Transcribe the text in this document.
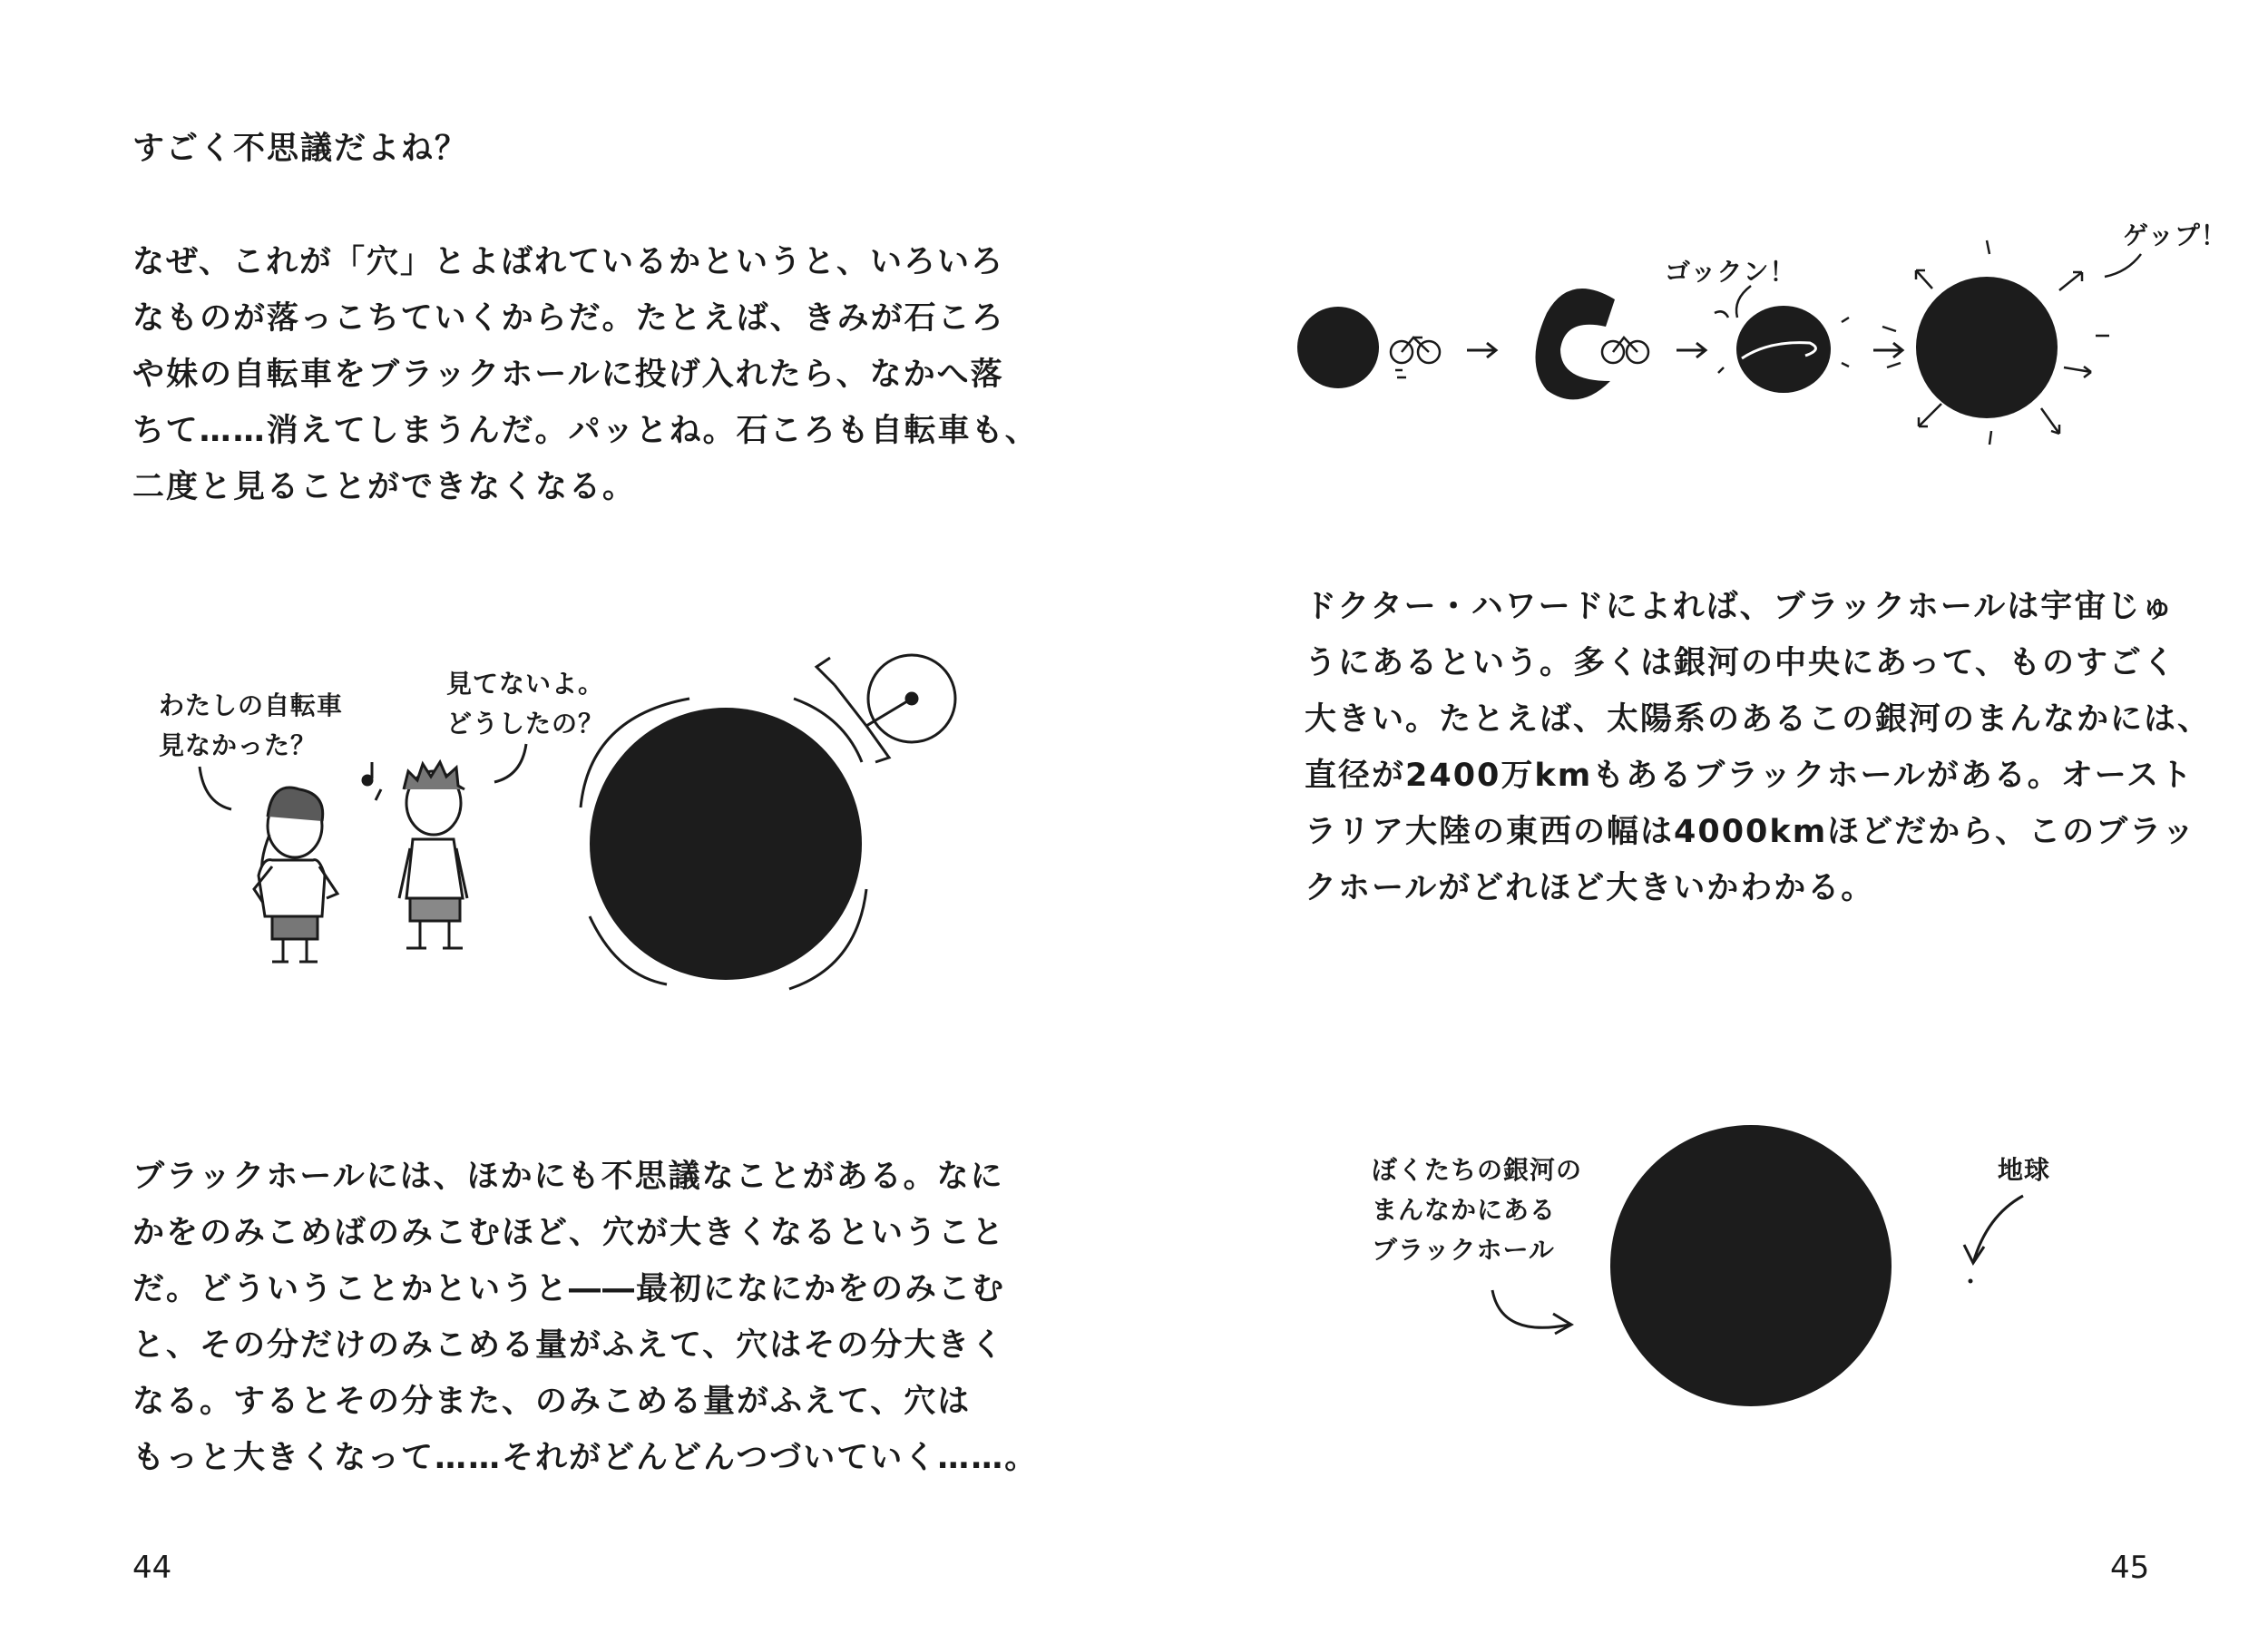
すごく不思議だよね？

なぜ、これが「穴」とよばれているかというと、いろいろ
なものが落っこちていくからだ。たとえば、きみが石ころ
や妹の自転車をブラックホールに投げ入れたら、なかへ落
ちて……消えてしまうんだ。パッとね。石ころも自転車も、
二度と見ることができなくなる。

わたしの自転車
見なかった？
見てないよ。
どうしたの？

ブラックホールには、ほかにも不思議なことがある。なに
かをのみこめばのみこむほど、穴が大きくなるということ
だ。どういうことかというと――最初になにかをのみこむ
と、その分だけのみこめる量がふえて、穴はその分大きく
なる。するとその分また、のみこめる量がふえて、穴は
もっと大きくなって……それがどんどんつづいていく……。

44
ゴックン！
ゲップ！

ドクター・ハワードによれば、ブラックホールは宇宙じゅ
うにあるという。多くは銀河の中央にあって、ものすごく
大きい。たとえば、太陽系のあるこの銀河のまんなかには、
直径が2400万kmもあるブラックホールがある。オースト
ラリア大陸の東西の幅は4000kmほどだから、このブラッ
クホールがどれほど大きいかわかる。

ぼくたちの銀河の
まんなかにある
ブラックホール
地球
45
